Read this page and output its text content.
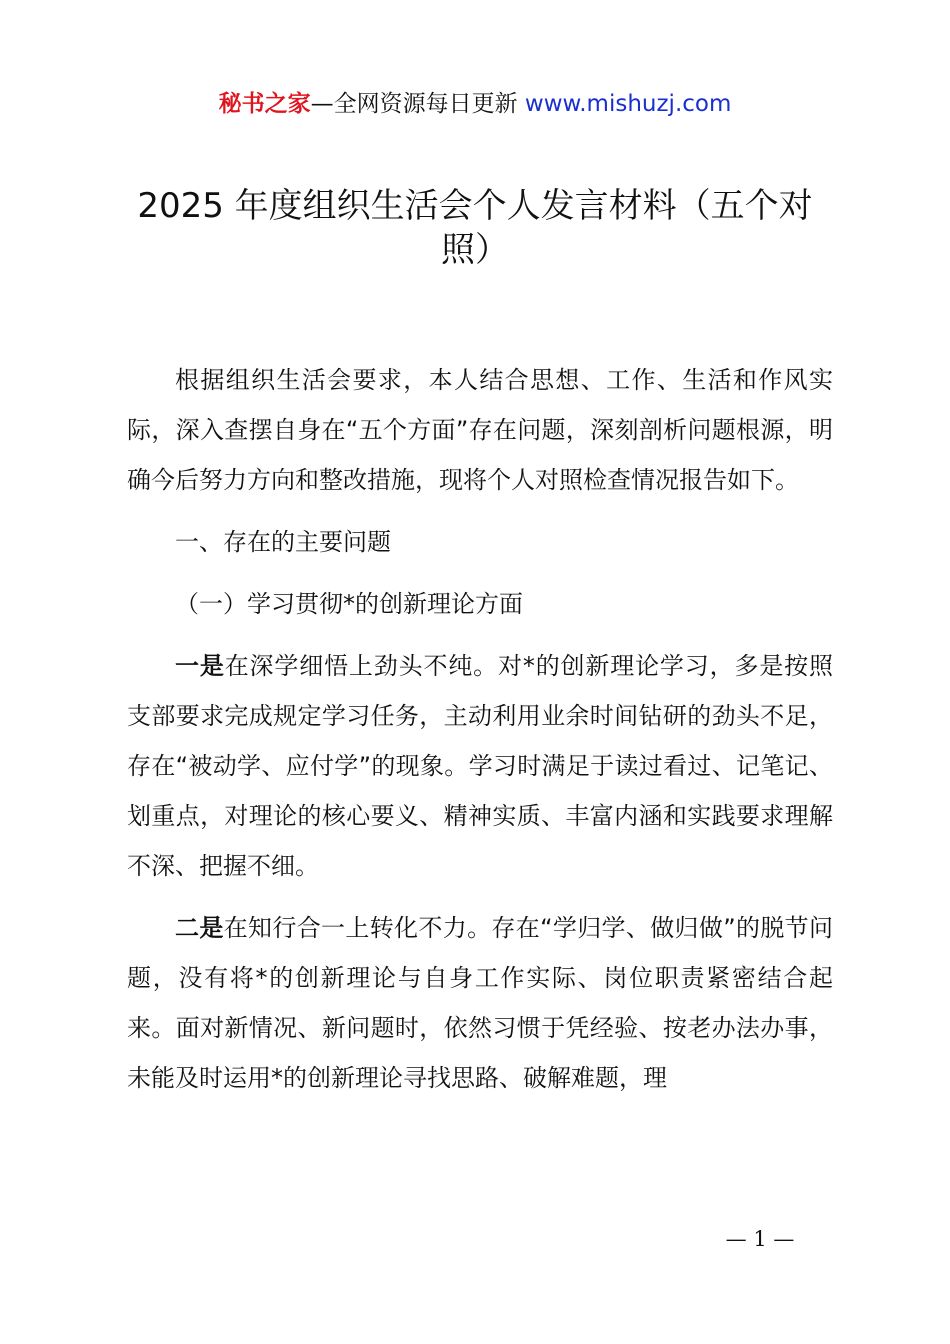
秘书之家—全网资源每日更新 www.mishuzj.com
2025 年度组织生活会个人发言材料（五个对照）

根据组织生活会要求，本人结合思想、工作、生活和作风实际，深入查摆自身在“五个方面”存在问题，深刻剖析问题根源，明确今后努力方向和整改措施，现将个人对照检查情况报告如下。

一、存在的主要问题

（一）学习贯彻*的创新理论方面

一是在深学细悟上劲头不纯。对*的创新理论学习，多是按照支部要求完成规定学习任务，主动利用业余时间钻研的劲头不足，存在“被动学、应付学”的现象。学习时满足于读过看过、记笔记、划重点，对理论的核心要义、精神实质、丰富内涵和实践要求理解不深、把握不细。

二是在知行合一上转化不力。存在“学归学、做归做”的脱节问题，没有将*的创新理论与自身工作实际、岗位职责紧密结合起来。面对新情况、新问题时，依然习惯于凭经验、按老办法办事，未能及时运用*的创新理论寻找思路、破解难题，理

— 1 —
